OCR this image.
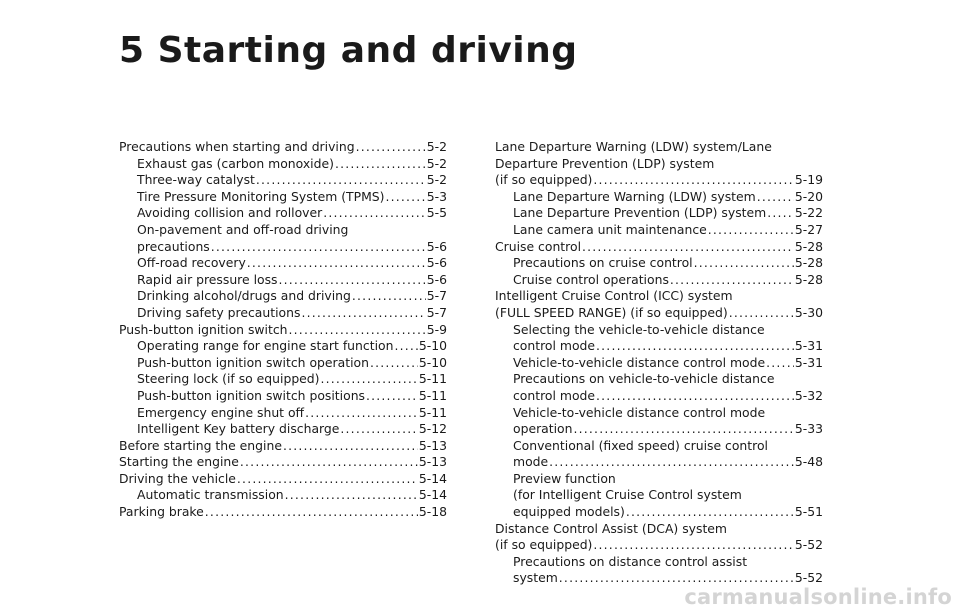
5 Starting and driving
Precautions when starting and driving .....	5-2
Exhaust gas (carbon monoxide) .....	5-2
Three-way catalyst .....	5-2
Tire Pressure Monitoring System (TPMS) .....	5-3
Avoiding collision and rollover .....	5-5
On-pavement and off-road driving
precautions .....	5-6
Off-road recovery .....	5-6
Rapid air pressure loss .....	5-6
Drinking alcohol/drugs and driving .....	5-7
Driving safety precautions .....	5-7
Push-button ignition switch .....	5-9
Operating range for engine start function ..... 5-10
Push-button ignition switch operation .....	5-10
Steering lock (if so equipped) .....	5-11
Push-button ignition switch positions .....	5-11
Emergency engine shut off .....	5-11
Intelligent Key battery discharge .....	5-12
Before starting the engine .....	5-13
Starting the engine .....	5-13
Driving the vehicle .....	5-14
Automatic transmission .....	5-14
Parking brake .....	5-18
Lane Departure Warning (LDW) system/Lane
Departure Prevention (LDP) system
(if so equipped) .....	5-19
Lane Departure Warning (LDW) system .....	5-20
Lane Departure Prevention (LDP) system ..... 5-22
Lane camera unit maintenance .....	5-27
Cruise control .....	5-28
Precautions on cruise control .....	5-28
Cruise control operations .....	5-28
Intelligent Cruise Control (ICC) system
(FULL SPEED RANGE) (if so equipped) .....	5-30
Selecting the vehicle-to-vehicle distance
control mode .....	5-31
Vehicle-to-vehicle distance control mode ..... 5-31
Precautions on vehicle-to-vehicle distance
control mode .....	5-32
Vehicle-to-vehicle distance control mode
operation .....	5-33
Conventional (fixed speed) cruise control
mode .....	5-48
Preview function
(for Intelligent Cruise Control system
equipped models) .....	5-51
Distance Control Assist (DCA) system
(if so equipped) .....	5-52
Precautions on distance control assist
system .....	5-52
carmanualsonline.info
